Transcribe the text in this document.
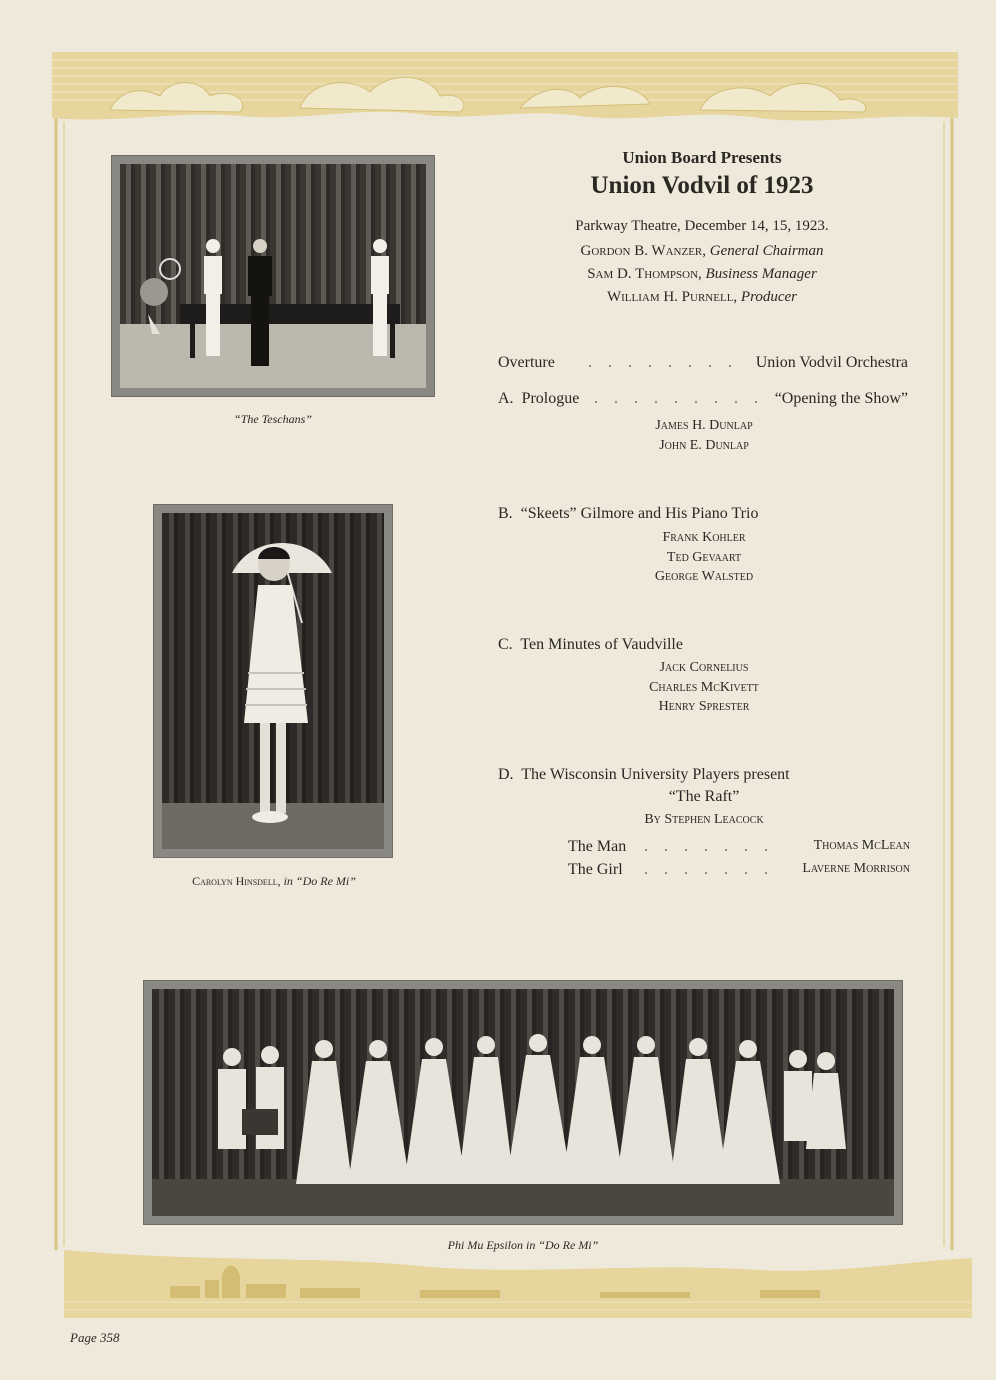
“The Teschans”
Carolyn Hinsdell, in “Do Re Mi”
Union Board Presents
Union Vodvil of 1923
Parkway Theatre, December 14, 15, 1923.
Gordon B. Wanzer, General Chairman
Sam D. Thompson, Business Manager
William H. Purnell, Producer
Overture . . . . . . . . Union Vodvil Orchestra
A. Prologue . . . . . . . . . “Opening the Show”
James H. Dunlap
John E. Dunlap
B. “Skeets” Gilmore and His Piano Trio
Frank Kohler
Ted Gevaart
George Walsted
C. Ten Minutes of Vaudville
Jack Cornelius
Charles McKivett
Henry Sprester
D. The Wisconsin University Players present
“The Raft”
By Stephen Leacock
The Man . . . . . . .	Thomas McLean
The Girl . . . . . . . Laverne Morrison
Phi Mu Epsilon in “Do Re Mi”
Page 358
